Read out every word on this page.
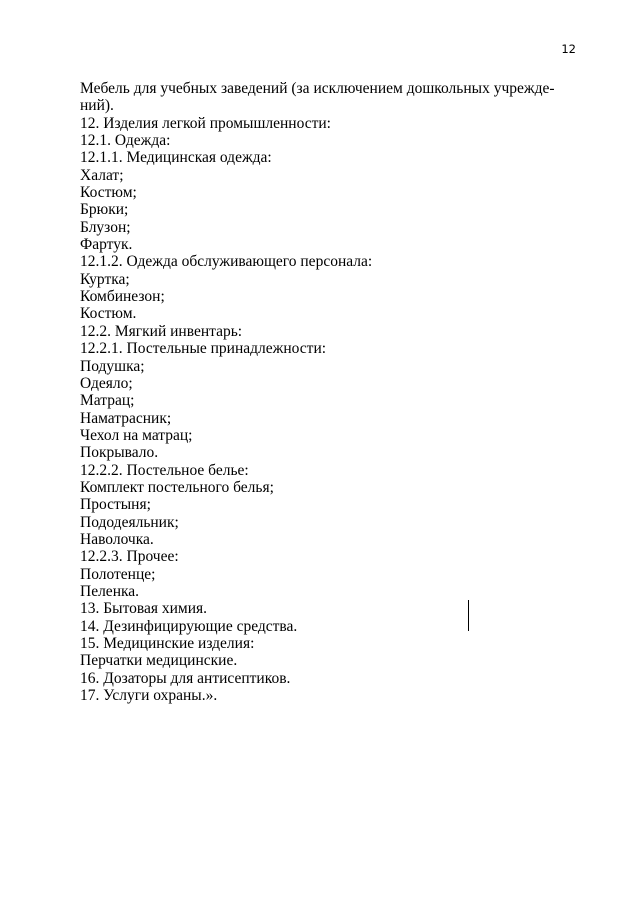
12
Мебель для учебных заведений (за исключением дошкольных учрежде-
ний).
12. Изделия легкой промышленности:
12.1. Одежда:
12.1.1. Медицинская одежда:
Халат;
Костюм;
Брюки;
Блузон;
Фартук.
12.1.2. Одежда обслуживающего персонала:
Куртка;
Комбинезон;
Костюм.
12.2. Мягкий инвентарь:
12.2.1. Постельные принадлежности:
Подушка;
Одеяло;
Матрац;
Наматрасник;
Чехол на матрац;
Покрывало.
12.2.2. Постельное белье:
Комплект постельного белья;
Простыня;
Пододеяльник;
Наволочка.
12.2.3. Прочее:
Полотенце;
Пеленка.
13. Бытовая химия.
14. Дезинфицирующие средства.
15. Медицинские изделия:
Перчатки медицинские.
16. Дозаторы для антисептиков.
17. Услуги охраны.».
